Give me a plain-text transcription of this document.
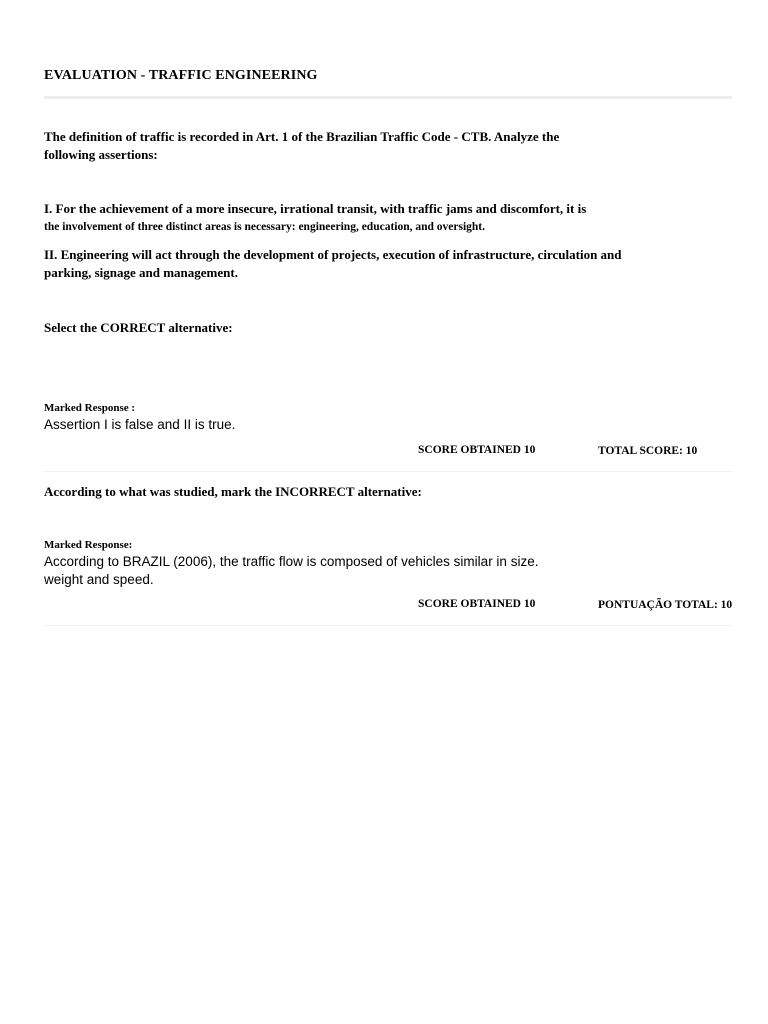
EVALUATION - TRAFFIC ENGINEERING
The definition of traffic is recorded in Art. 1 of the Brazilian Traffic Code - CTB. Analyze the
following assertions:
I. For the achievement of a more insecure, irrational transit, with traffic jams and discomfort, it is
the involvement of three distinct areas is necessary: engineering, education, and oversight.
II. Engineering will act through the development of projects, execution of infrastructure, circulation and
parking, signage and management.
Select the CORRECT alternative:
Marked Response :
Assertion I is false and II is true.
SCORE OBTAINED 10	TOTAL SCORE: 10
According to what was studied, mark the INCORRECT alternative:
Marked Response:
According to BRAZIL (2006), the traffic flow is composed of vehicles similar in size.
weight and speed.
SCORE OBTAINED 10	PONTUAÇÃO TOTAL: 10
